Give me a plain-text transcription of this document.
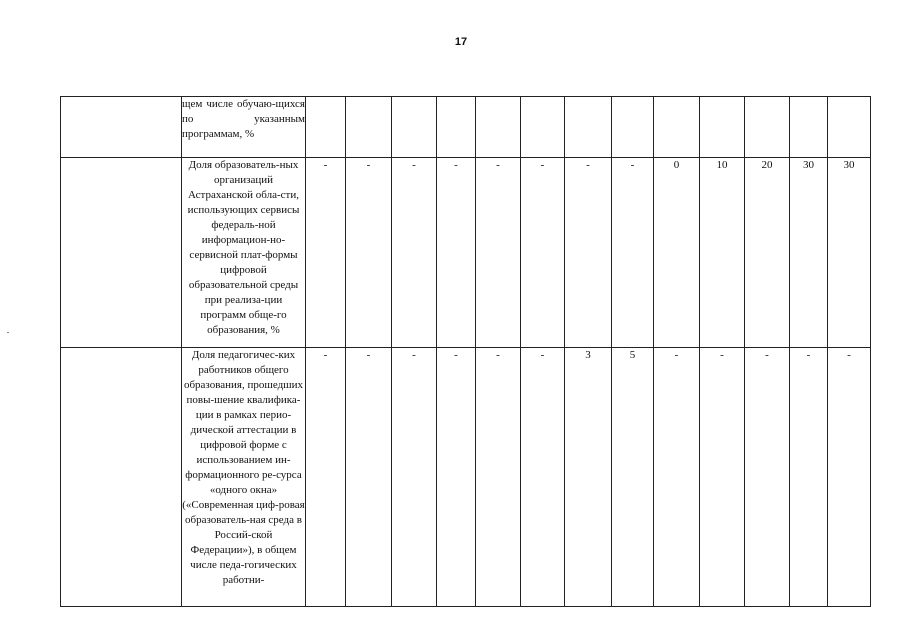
17
	щем числе обучаю-щихся по указанным программам, %													
	Доля образователь-ных организаций Астраханской обла-сти, использующих сервисы федераль-ной информацион-но-сервисной плат-формы цифровой образовательной среды при реализа-ции программ обще-го образования, %	-	-	-	-	-	-	-	-	0	10	20	30	30
	Доля педагогичес-ких работников общего образования, прошедших повы-шение квалифика-ции в рамках перио-дической аттестации в цифровой форме с использованием ин-формационного ре-сурса «одного окна» («Современная циф-ровая образователь-ная среда в Россий-ской Федерации»), в общем числе педа-гогических работни-	-	-	-	-	-	-	3	5	-	-	-	-	-
